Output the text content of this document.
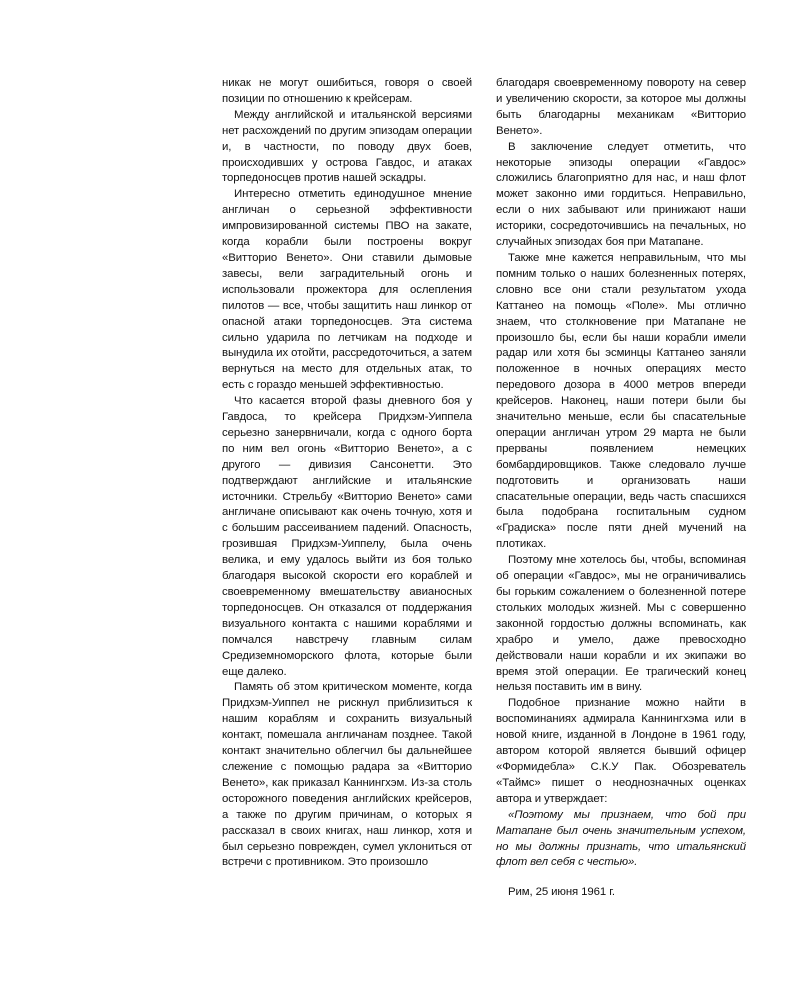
никак не могут ошибиться, говоря о своей позиции по отношению к крейсерам.

Между английской и итальянской версиями нет расхождений по другим эпизодам операции и, в частности, по поводу двух боев, происходивших у острова Гавдос, и атаках торпедоносцев против нашей эскадры.

Интересно отметить единодушное мнение англичан о серьезной эффективности импровизированной системы ПВО на закате, когда корабли были построены вокруг «Витторио Венето». Они ставили дымовые завесы, вели заградительный огонь и использовали прожектора для ослепления пилотов — все, чтобы защитить наш линкор от опасной атаки торпедоносцев. Эта система сильно ударила по летчикам на подходе и вынудила их отойти, рассредоточиться, а затем вернуться на место для отдельных атак, то есть с гораздо меньшей эффективностью.

Что касается второй фазы дневного боя у Гавдоса, то крейсера Придхэм-Уиппела серьезно занервничали, когда с одного борта по ним вел огонь «Витторио Венето», а с другого — дивизия Сансонетти. Это подтверждают английские и итальянские источники. Стрельбу «Витторио Венето» сами англичане описывают как очень точную, хотя и с большим рассеиванием падений. Опасность, грозившая Придхэм-Уиппелу, была очень велика, и ему удалось выйти из боя только благодаря высокой скорости его кораблей и своевременному вмешательству авианосных торпедоносцев. Он отказался от поддержания визуального контакта с нашими кораблями и помчался навстречу главным силам Средиземноморского флота, которые были еще далеко.

Память об этом критическом моменте, когда Придхэм-Уиппел не рискнул приблизиться к нашим кораблям и сохранить визуальный контакт, помешала англичанам позднее. Такой контакт значительно облегчил бы дальнейшее слежение с помощью радара за «Витторио Венето», как приказал Каннингхэм. Из-за столь осторожного поведения английских крейсеров, а также по другим причинам, о которых я рассказал в своих книгах, наш линкор, хотя и был серьезно поврежден, сумел уклониться от встречи с противником. Это произошло

благодаря своевременному повороту на север и увеличению скорости, за которое мы должны быть благодарны механикам «Витторио Венето».

В заключение следует отметить, что некоторые эпизоды операции «Гавдос» сложились благоприятно для нас, и наш флот может законно ими гордиться. Неправильно, если о них забывают или принижают наши историки, сосредоточившись на печальных, но случайных эпизодах боя при Матапане.

Также мне кажется неправильным, что мы помним только о наших болезненных потерях, словно все они стали результатом ухода Каттанео на помощь «Поле». Мы отлично знаем, что столкновение при Матапане не произошло бы, если бы наши корабли имели радар или хотя бы эсминцы Каттанео заняли положенное в ночных операциях место передового дозора в 4000 метров впереди крейсеров. Наконец, наши потери были бы значительно меньше, если бы спасательные операции англичан утром 29 марта не были прерваны появлением немецких бомбардировщиков. Также следовало лучше подготовить и организовать наши спасательные операции, ведь часть спасшихся была подобрана госпитальным судном «Градиска» после пяти дней мучений на плотиках.

Поэтому мне хотелось бы, чтобы, вспоминая об операции «Гавдос», мы не ограничивались бы горьким сожалением о болезненной потере стольких молодых жизней. Мы с совершенно законной гордостью должны вспоминать, как храбро и умело, даже превосходно действовали наши корабли и их экипажи во время этой операции. Ее трагический конец нельзя поставить им в вину.

Подобное признание можно найти в воспоминаниях адмирала Каннингхэма или в новой книге, изданной в Лондоне в 1961 году, автором которой является бывший офицер «Формидебла» С.К.У Пак. Обозреватель «Таймс» пишет о неоднозначных оценках автора и утверждает:

«Поэтому мы признаем, что бой при Матапане был очень значительным успехом, но мы должны признать, что итальянский флот вел себя с честью».

Рим, 25 июня 1961 г.
